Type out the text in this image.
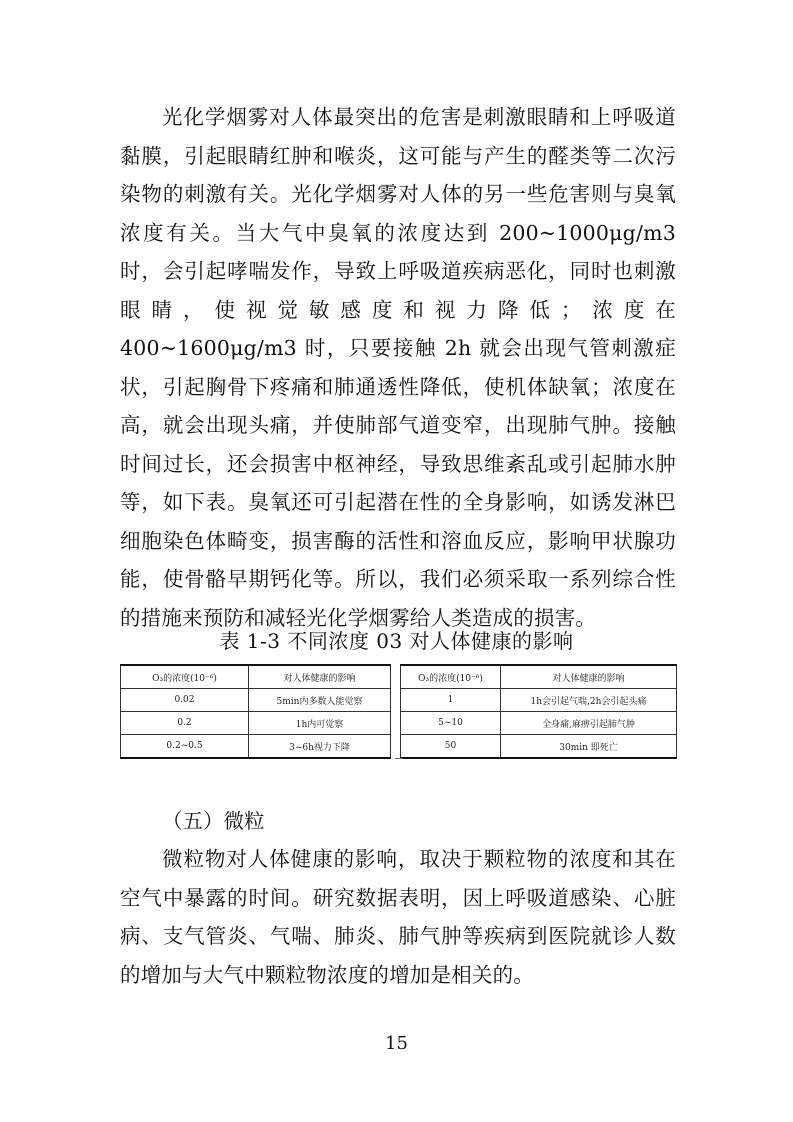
光化学烟雾对人体最突出的危害是刺激眼睛和上呼吸道黏膜，引起眼睛红肿和喉炎，这可能与产生的醛类等二次污染物的刺激有关。光化学烟雾对人体的另一些危害则与臭氧浓度有关。当大气中臭氧的浓度达到 200~1000μg/m3 时，会引起哮喘发作，导致上呼吸道疾病恶化，同时也刺激眼睛，使视觉敏感度和视力降低；浓度在 400~1600μg/m3 时，只要接触 2h 就会出现气管刺激症状，引起胸骨下疼痛和肺通透性降低，使机体缺氧；浓度在高，就会出现头痛，并使肺部气道变窄，出现肺气肿。接触时间过长，还会损害中枢神经，导致思维紊乱或引起肺水肿等，如下表。臭氧还可引起潜在性的全身影响，如诱发淋巴细胞染色体畸变，损害酶的活性和溶血反应，影响甲状腺功能，使骨骼早期钙化等。所以，我们必须采取一系列综合性的措施来预防和减轻光化学烟雾给人类造成的损害。

表 1-3 不同浓度 03 对人体健康的影响
O₃的浓度(10⁻⁶)	对人体健康的影响		O₃的浓度(10⁻⁶)	对人体健康的影响
0.02	5min内多数人能觉察		1	1h会引起气喘,2h会引起头痛
0.2	1h内可觉察		5~10	全身痛,麻痹引起肺气肿
0.2~0.5	3~6h视力下降		50	30min 即死亡
（五）微粒

微粒物对人体健康的影响，取决于颗粒物的浓度和其在空气中暴露的时间。研究数据表明，因上呼吸道感染、心脏病、支气管炎、气喘、肺炎、肺气肿等疾病到医院就诊人数的增加与大气中颗粒物浓度的增加是相关的。

15
